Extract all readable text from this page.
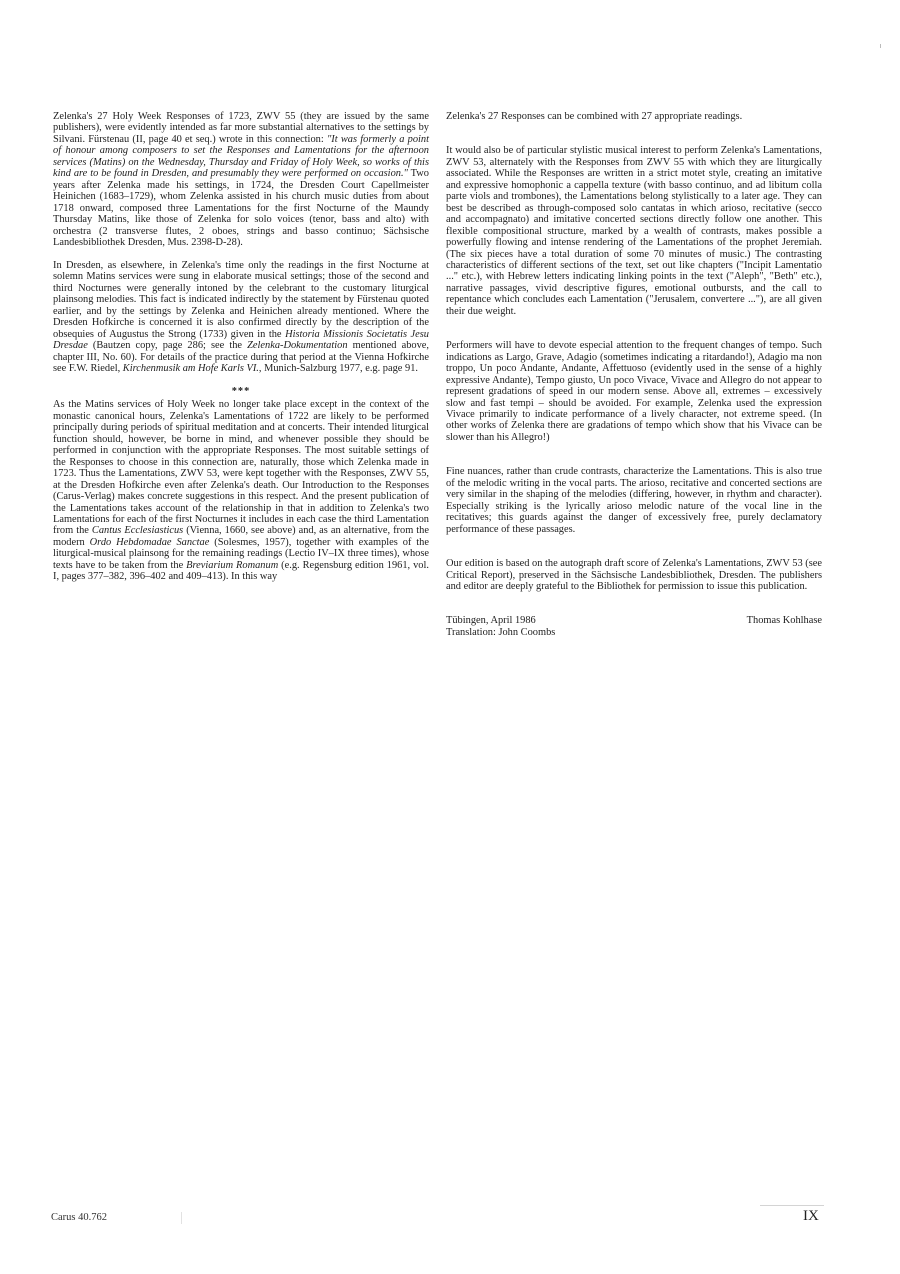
Zelenka's 27 Holy Week Responses of 1723, ZWV 55 (they are issued by the same publishers), were evidently intended as far more substantial alternatives to the settings by Silvani. Fürstenau (II, page 40 et seq.) wrote in this connection: "It was formerly a point of honour among composers to set the Responses and Lamentations for the afternoon services (Matins) on the Wednesday, Thursday and Friday of Holy Week, so works of this kind are to be found in Dresden, and presumably they were performed on occasion." Two years after Zelenka made his settings, in 1724, the Dresden Court Capellmeister Heinichen (1683–1729), whom Zelenka assisted in his church music duties from about 1718 onward, composed three Lamentations for the first Nocturne of the Maundy Thursday Matins, like those of Zelenka for solo voices (tenor, bass and alto) with orchestra (2 transverse flutes, 2 oboes, strings and basso continuo; Sächsische Landesbibliothek Dresden, Mus. 2398-D-28).

In Dresden, as elsewhere, in Zelenka's time only the readings in the first Nocturne at solemn Matins services were sung in elaborate musical settings; those of the second and third Nocturnes were generally intoned by the celebrant to the customary liturgical plainsong melodies. This fact is indicated indirectly by the statement by Fürstenau quoted earlier, and by the settings by Zelenka and Heinichen already mentioned. Where the Dresden Hofkirche is concerned it is also confirmed directly by the description of the obsequies of Augustus the Strong (1733) given in the Historia Missionis Societatis Jesu Dresdae (Bautzen copy, page 286; see the Zelenka-Dokumentation mentioned above, chapter III, No. 60). For details of the practice during that period at the Vienna Hofkirche see F.W. Riedel, Kirchenmusik am Hofe Karls VI., Munich-Salzburg 1977, e.g. page 91.

***

As the Matins services of Holy Week no longer take place except in the context of the monastic canonical hours, Zelenka's Lamentations of 1722 are likely to be performed principally during periods of spiritual meditation and at concerts. Their intended liturgical function should, however, be borne in mind, and whenever possible they should be performed in conjunction with the appropriate Responses. The most suitable settings of the Responses to choose in this connection are, naturally, those which Zelenka made in 1723. Thus the Lamentations, ZWV 53, were kept together with the Responses, ZWV 55, at the Dresden Hofkirche even after Zelenka's death. Our Introduction to the Responses (Carus-Verlag) makes concrete suggestions in this respect. And the present publication of the Lamentations takes account of the relationship in that in addition to Zelenka's two Lamentations for each of the first Nocturnes it includes in each case the third Lamentation from the Cantus Ecclesiasticus (Vienna, 1660, see above) and, as an alternative, from the modern Ordo Hebdomadae Sanctae (Solesmes, 1957), together with examples of the liturgical-musical plainsong for the remaining readings (Lectio IV–IX three times), whose texts have to be taken from the Breviarium Romanum (e.g. Regensburg edition 1961, vol. I, pages 377–382, 396–402 and 409–413). In this way

Zelenka's 27 Responses can be combined with 27 appropriate readings.

It would also be of particular stylistic musical interest to perform Zelenka's Lamentations, ZWV 53, alternately with the Responses from ZWV 55 with which they are liturgically associated. While the Responses are written in a strict motet style, creating an imitative and expressive homophonic a cappella texture (with basso continuo, and ad libitum colla parte viols and trombones), the Lamentations belong stylistically to a later age. They can best be described as through-composed solo cantatas in which arioso, recitative (secco and accompagnato) and imitative concerted sections directly follow one another. This flexible compositional structure, marked by a wealth of contrasts, makes possible a powerfully flowing and intense rendering of the Lamentations of the prophet Jeremiah. (The six pieces have a total duration of some 70 minutes of music.) The contrasting characteristics of different sections of the text, set out like chapters ("Incipit Lamentatio ..." etc.), with Hebrew letters indicating linking points in the text ("Aleph", "Beth" etc.), narrative passages, vivid descriptive figures, emotional outbursts, and the call to repentance which concludes each Lamentation ("Jerusalem, convertere ..."), are all given their due weight.

Performers will have to devote especial attention to the frequent changes of tempo. Such indications as Largo, Grave, Adagio (sometimes indicating a ritardando!), Adagio ma non troppo, Un poco Andante, Andante, Affettuoso (evidently used in the sense of a highly expressive Andante), Tempo giusto, Un poco Vivace, Vivace and Allegro do not appear to represent gradations of speed in our modern sense. Above all, extremes – excessively slow and fast tempi – should be avoided. For example, Zelenka used the expression Vivace primarily to indicate performance of a lively character, not extreme speed. (In other works of Zelenka there are gradations of tempo which show that his Vivace can be slower than his Allegro!)

Fine nuances, rather than crude contrasts, characterize the Lamentations. This is also true of the melodic writing in the vocal parts. The arioso, recitative and concerted sections are very similar in the shaping of the melodies (differing, however, in rhythm and character). Especially striking is the lyrically arioso melodic nature of the vocal line in the recitatives; this guards against the danger of excessively free, purely declamatory performance of these passages.

Our edition is based on the autograph draft score of Zelenka's Lamentations, ZWV 53 (see Critical Report), preserved in the Sächsische Landesbibliothek, Dresden. The publishers and editor are deeply grateful to the Bibliothek for permission to issue this publication.

Tübingen, April 1986
Translation: John Coombs
Thomas Kohlhase
Carus 40.762	IX
